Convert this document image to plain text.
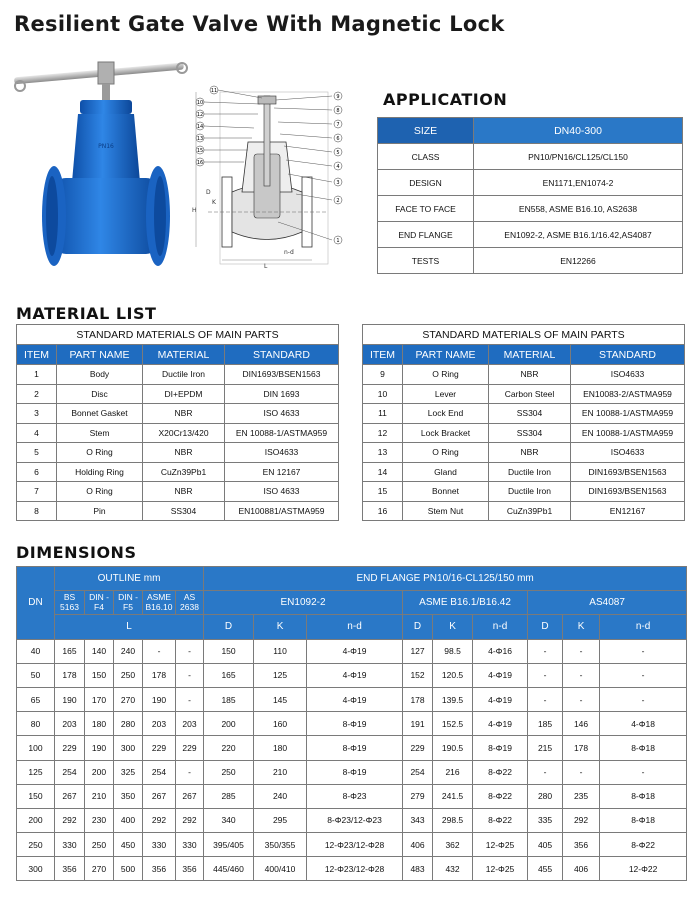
Resilient Gate Valve With Magnetic Lock
PN16
9
8
7
6
5
4
3
2
1
11
10
12
14
13
15
16
H
L
D
K
n-d
APPLICATION
SIZE	DN40-300
CLASS	PN10/PN16/CL125/CL150
DESIGN	EN1171,EN1074-2
FACE TO FACE	EN558, ASME B16.10, AS2638
END FLANGE	EN1092-2, ASME B16.1/16.42,AS4087
TESTS	EN12266
MATERIAL LIST
STANDARD MATERIALS OF MAIN PARTS			
ITEM	PART NAME	MATERIAL	STANDARD
1	Body	Ductile Iron	DIN1693/BSEN1563
2	Disc	DI+EPDM	DIN 1693
3	Bonnet Gasket	NBR	ISO 4633
4	Stem	X20Cr13/420	EN 10088-1/ASTMA959
5	O Ring	NBR	ISO4633
6	Holding Ring	CuZn39Pb1	EN 12167
7	O Ring	NBR	ISO 4633
8	Pin	SS304	EN100881/ASTMA959
STANDARD MATERIALS OF MAIN PARTS			
ITEM	PART NAME	MATERIAL	STANDARD
9	O Ring	NBR	ISO4633
10	Lever	Carbon Steel	EN10083-2/ASTMA959
11	Lock End	SS304	EN 10088-1/ASTMA959
12	Lock Bracket	SS304	EN 10088-1/ASTMA959
13	O Ring	NBR	ISO4633
14	Gland	Ductile Iron	DIN1693/BSEN1563
15	Bonnet	Ductile Iron	DIN1693/BSEN1563
16	Stem Nut	CuZn39Pb1	EN12167
DIMENSIONS
DN	OUTLINE mm					END FLANGE PN10/16-CL125/150 mm								
	BS 5163	DIN -F4	DIN -F5	ASME B16.10	AS 2638	EN1092-2			ASME B16.1/B16.42			AS4087		
	L					D	K	n-d	D	K	n-d	D	K	n-d
40	165	140	240	-	-	150	110	4-Φ19	127	98.5	4-Φ16	-	-	-
50	178	150	250	178	-	165	125	4-Φ19	152	120.5	4-Φ19	-	-	-
65	190	170	270	190	-	185	145	4-Φ19	178	139.5	4-Φ19	-	-	-
80	203	180	280	203	203	200	160	8-Φ19	191	152.5	4-Φ19	185	146	4-Φ18
100	229	190	300	229	229	220	180	8-Φ19	229	190.5	8-Φ19	215	178	8-Φ18
125	254	200	325	254	-	250	210	8-Φ19	254	216	8-Φ22	-	-	-
150	267	210	350	267	267	285	240	8-Φ23	279	241.5	8-Φ22	280	235	8-Φ18
200	292	230	400	292	292	340	295	8-Φ23/12-Φ23	343	298.5	8-Φ22	335	292	8-Φ18
250	330	250	450	330	330	395/405	350/355	12-Φ23/12-Φ28	406	362	12-Φ25	405	356	8-Φ22
300	356	270	500	356	356	445/460	400/410	12-Φ23/12-Φ28	483	432	12-Φ25	455	406	12-Φ22
